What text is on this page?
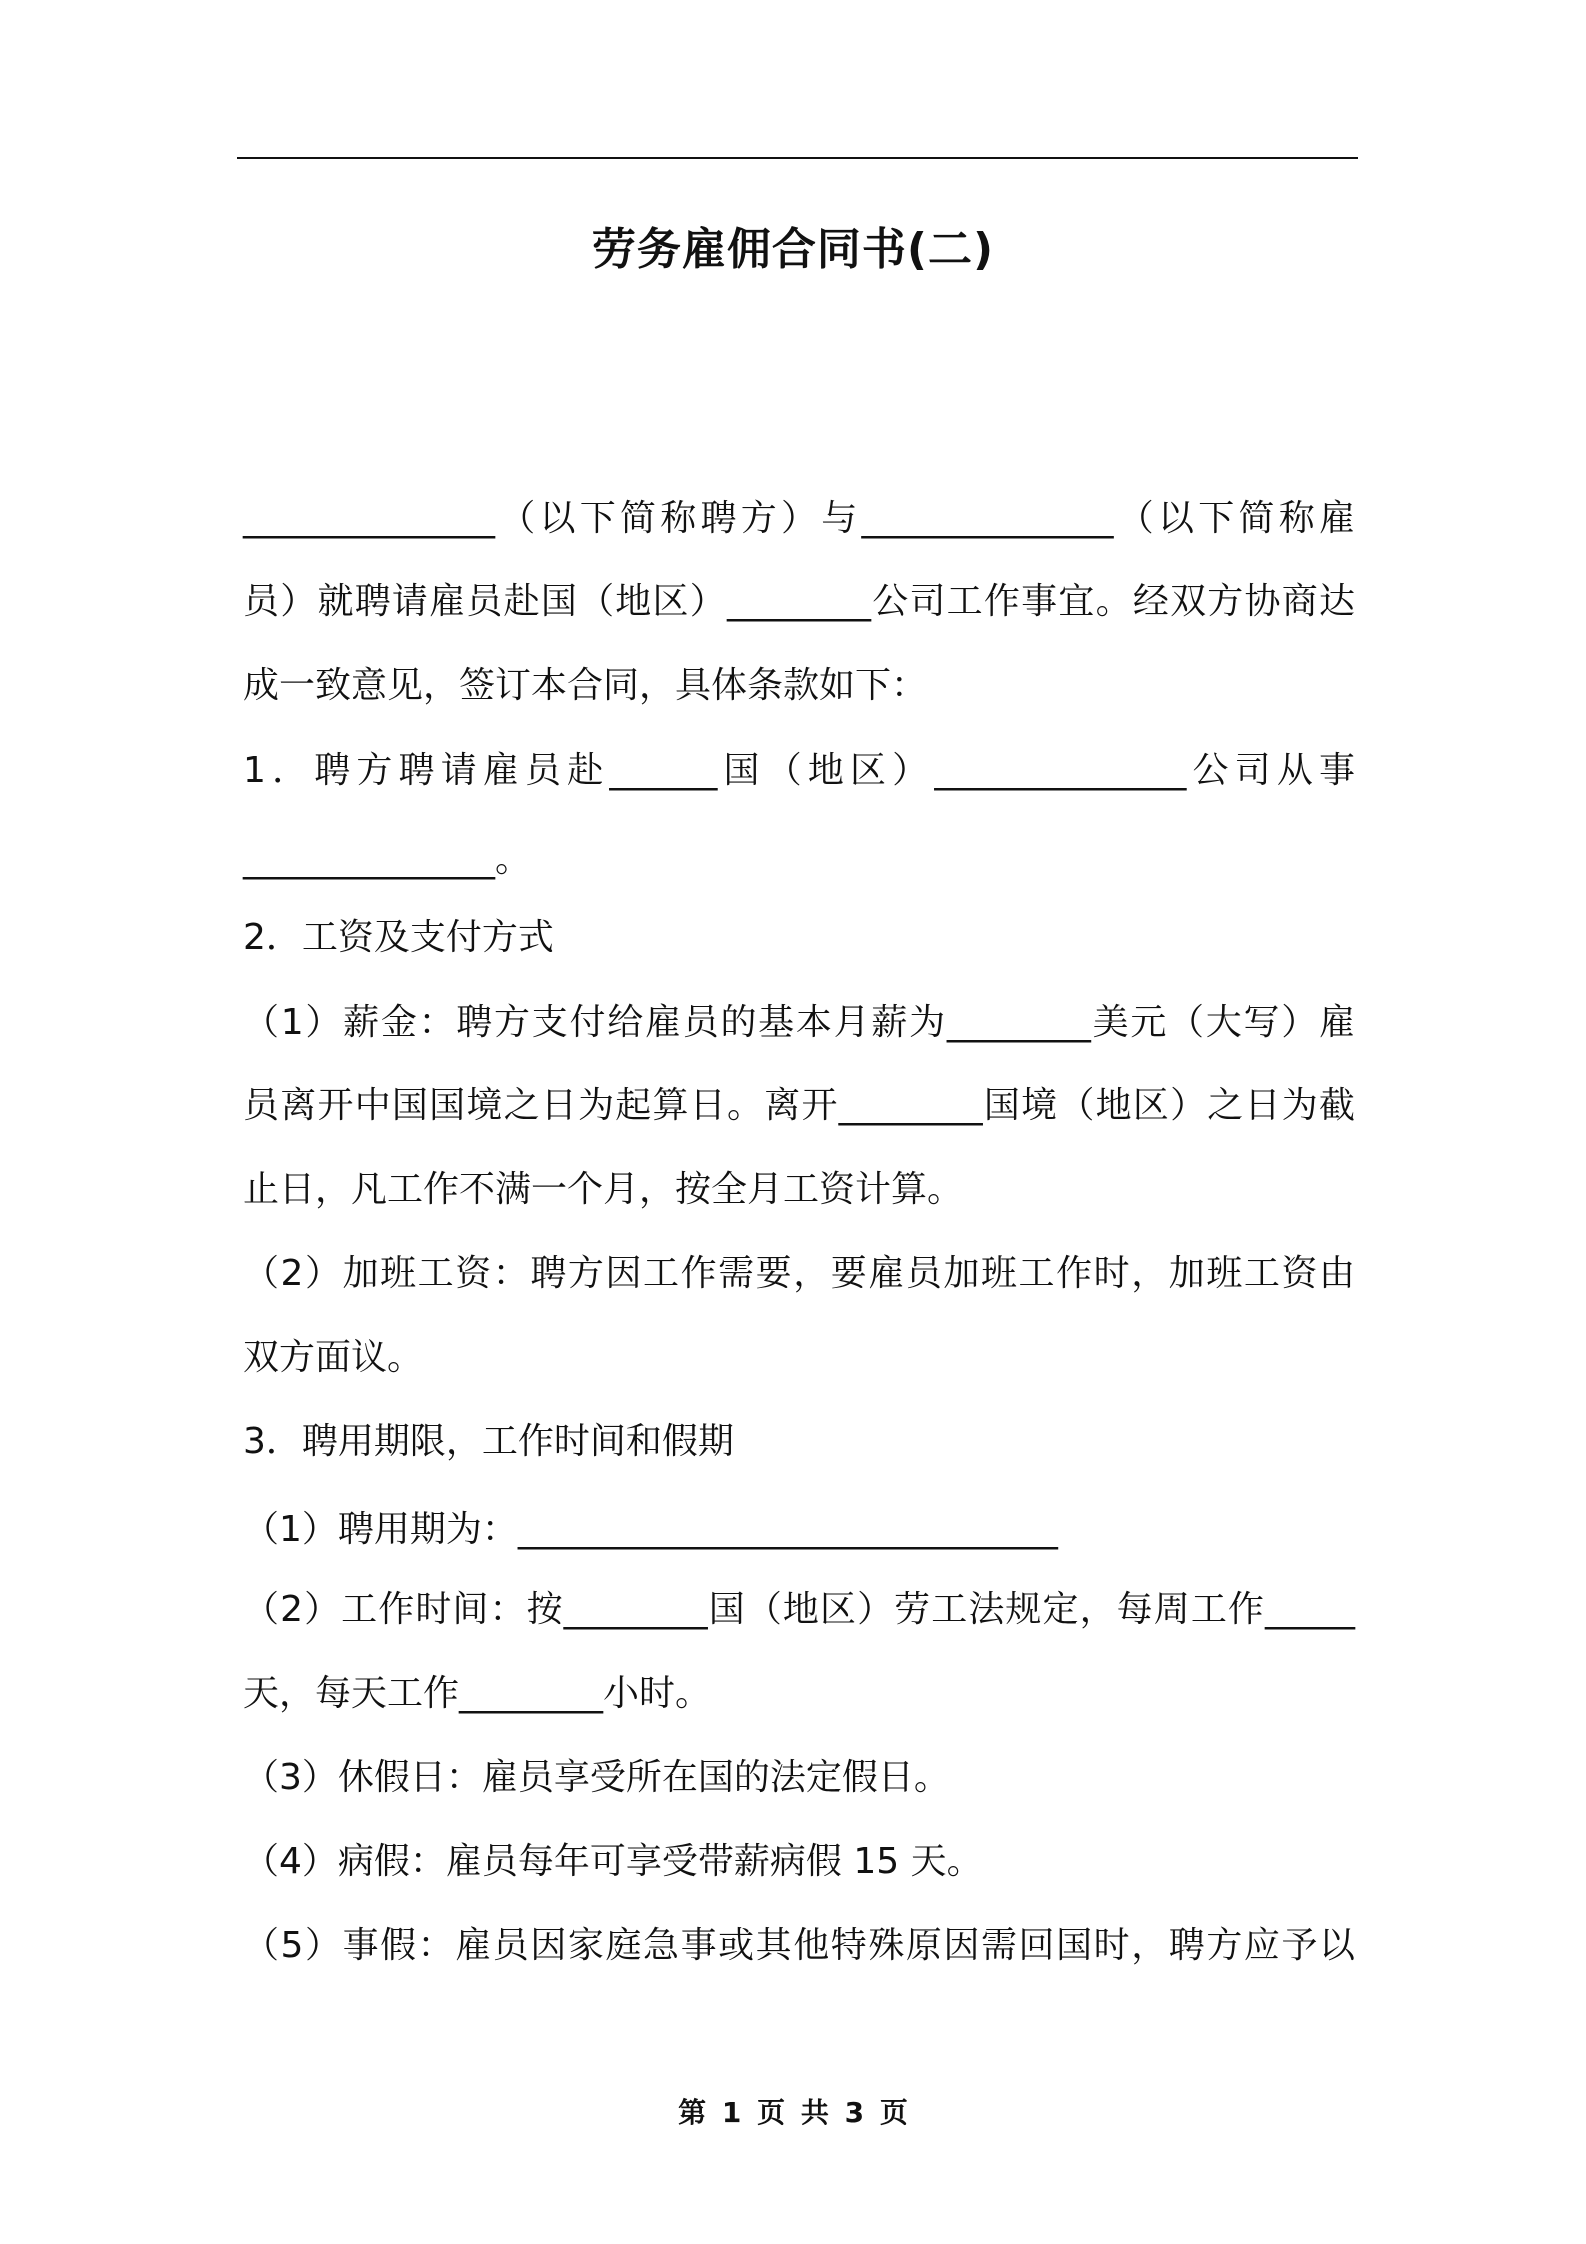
劳务雇佣合同书(二)

______________（以下简称聘方）与______________（以下简称雇

员）就聘请雇员赴国（地区）________公司工作事宜。经双方协商达

成一致意见，签订本合同，具体条款如下：

1．聘方聘请雇员赴______国（地区）______________公司从事

______________。

2．工资及支付方式

（1）薪金：聘方支付给雇员的基本月薪为________美元（大写）雇

员离开中国国境之日为起算日。离开________国境（地区）之日为截

止日，凡工作不满一个月，按全月工资计算。

（2）加班工资：聘方因工作需要，要雇员加班工作时，加班工资由

双方面议。

3．聘用期限，工作时间和假期

（1）聘用期为：______________________________

（2）工作时间：按________国（地区）劳工法规定，每周工作_____

天，每天工作________小时。

（3）休假日：雇员享受所在国的法定假日。

（4）病假：雇员每年可享受带薪病假 15 天。

（5）事假：雇员因家庭急事或其他特殊原因需回国时，聘方应予以

第 1 页 共 3 页
